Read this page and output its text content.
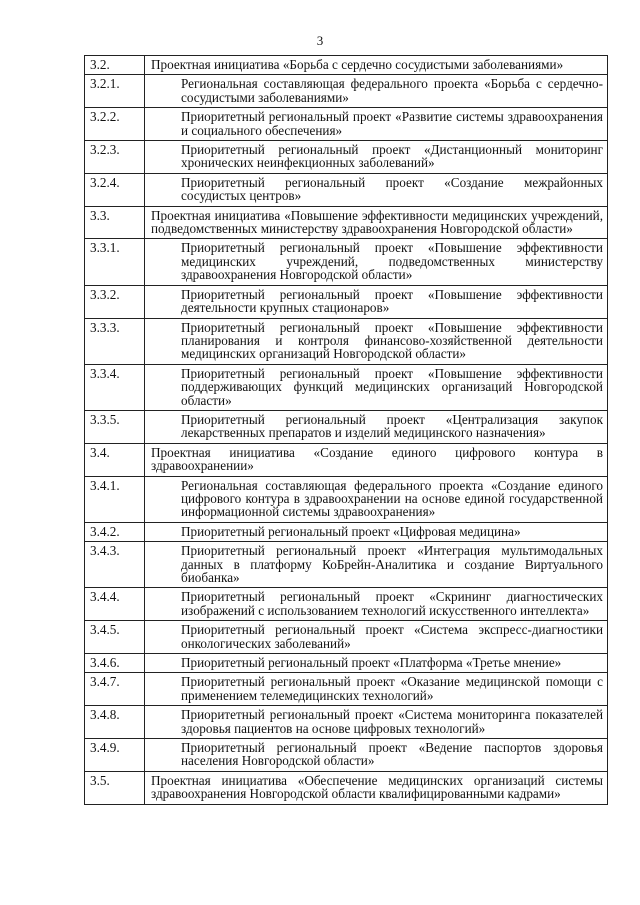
3
3.2.	Проектная инициатива «Борьба с сердечно сосудистыми заболеваниями»
3.2.1.	Региональная составляющая федерального проекта «Борьба с сердечно-сосудистыми заболеваниями»
3.2.2.	Приоритетный региональный проект «Развитие системы здравоохранения и социального обеспечения»
3.2.3.	Приоритетный региональный проект «Дистанционный мониторинг хронических неинфекционных заболеваний»
3.2.4.	Приоритетный региональный проект «Создание межрайонных сосудистых центров»
3.3.	Проектная инициатива «Повышение эффективности медицинских учреждений, подведомственных министерству здравоохранения Новгородской области»
3.3.1.	Приоритетный региональный проект «Повышение эффективности медицинских учреждений, подведомственных министерству здравоохранения Новгородской области»
3.3.2.	Приоритетный региональный проект «Повышение эффективности деятельности крупных стационаров»
3.3.3.	Приоритетный региональный проект «Повышение эффективности планирования и контроля финансово-хозяйственной деятельности медицинских организаций Новгородской области»
3.3.4.	Приоритетный региональный проект «Повышение эффективности поддерживающих функций медицинских организаций Новгородской области»
3.3.5.	Приоритетный региональный проект «Централизация закупок лекарственных препаратов и изделий медицинского назначения»
3.4.	Проектная инициатива «Создание единого цифрового контура в здравоохранении»
3.4.1.	Региональная составляющая федерального проекта «Создание единого цифрового контура в здравоохранении на основе единой государственной информационной системы здравоохранения»
3.4.2.	Приоритетный региональный проект «Цифровая медицина»
3.4.3.	Приоритетный региональный проект «Интеграция мультимодальных данных в платформу КоБрейн-Аналитика и создание Виртуального биобанка»
3.4.4.	Приоритетный региональный проект «Скрининг диагностических изображений с использованием технологий искусственного интеллекта»
3.4.5.	Приоритетный региональный проект «Система экспресс-диагностики онкологических заболеваний»
3.4.6.	Приоритетный региональный проект «Платформа «Третье мнение»
3.4.7.	Приоритетный региональный проект «Оказание медицинской помощи с применением телемедицинских технологий»
3.4.8.	Приоритетный региональный проект «Система мониторинга показателей здоровья пациентов на основе цифровых технологий»
3.4.9.	Приоритетный региональный проект «Ведение паспортов здоровья населения Новгородской области»
3.5.	Проектная инициатива «Обеспечение медицинских организаций системы здравоохранения Новгородской области квалифицированными кадрами»
